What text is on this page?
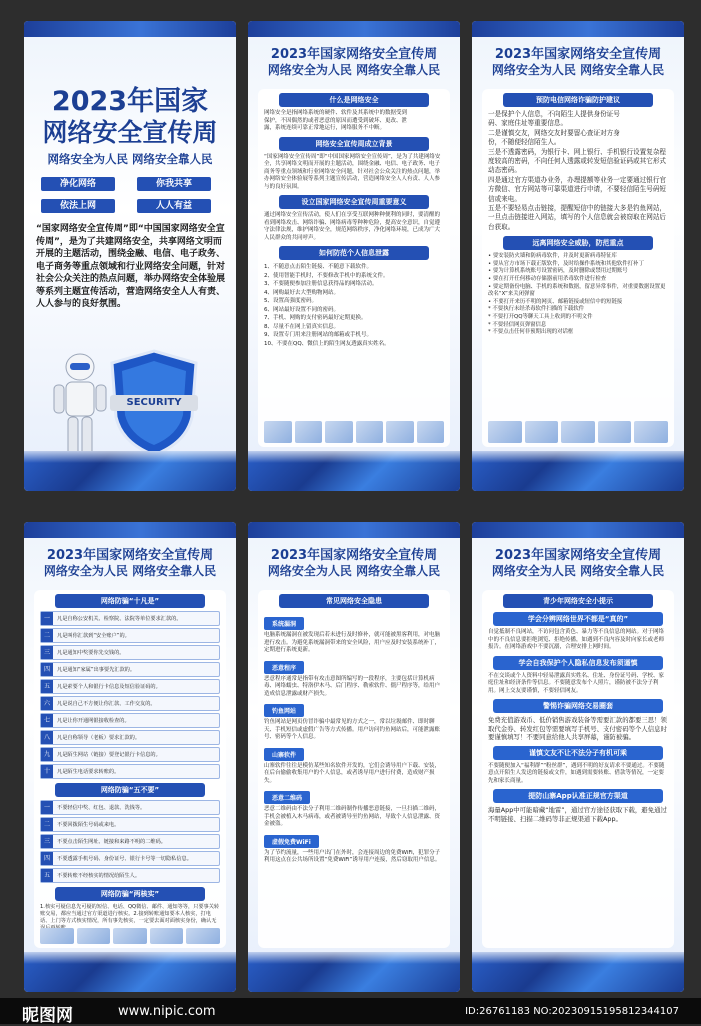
2023年国家
网络安全宣传周
网络安全为人民 网络安全靠人民
净化网络	你我共享
依法上网	人人有益
“国家网络安全宣传周”即“中国国家网络安全宣传周”，是为了共建网络安全，共享网络文明而开展的主题活动，围绕金融、电信、电子政务、电子商务等重点领域和行业网络安全问题，针对社会公众关注的热点问题，举办网络安全体验展等系列主题宣传活动，营造网络安全人人有责、人人参与的良好氛围。
SECURITY
2023年国家网络安全宣传周
网络安全为人民 网络安全靠人民
什么是网络安全
网络安全是指网络系统的硬件、软件及其系统中的数据受到保护，不因偶然的或者恶意的原因而遭受到破坏、更改、泄露，系统连续可靠正常地运行，网络服务不中断。
网络安全宣传周成立背景
“国家网络安全宣传周”即“中国国家网络安全宣传周”，是为了共建网络安全，共享网络文明而开展的主题活动，围绕金融、电信、电子政务、电子商务等重点领域和行业网络安全问题，针对社会公众关注的热点问题，举办网络安全体验展等系列主题宣传活动，营造网络安全人人有责、人人参与的良好氛围。
设立国家网络安全宣传周重要意义
通过网络安全宣传活动，使人们在享受互联网种种便利的同时，要清醒的看到网络攻击、网络诈骗、网络病毒等种种危险，提高安全意识，自觉遵守法律法规，维护网络安全，规范网络秩序，净化网络环境，已成为广大人民群众的共同呼声。
如何防范个人信息泄露
1、不随意点击陌生链接、不随意下载软件。
2、使用智能手机时，不要修改手机中的系统文件。
3、不要随便参加注册信息获得品的网络活动。
4、网购最好去大型购物网站。
5、设置高强度密码。
6、网站最好设置不同的密码。
7、手机、网购的支付密码最好定期更换。
8、尽量不在网上留真实信息。
9、设置专门用来注册网站的邮箱或手机号。
10、不要在QQ、微信上的陌生网友透露真实姓名。
2023年国家网络安全宣传周
网络安全为人民 网络安全靠人民
预防电信网络诈骗防护建议
一是保护个人信息，不向陌生人提供身份证号码、家庭住址等重要信息。
二是谨慎交友，网络交友时要留心查证对方身份，不随便轻信陌生人。
三是不透露密码，为银行卡、网上银行、手机银行设置复杂程度较高的密码，不向任何人透露或转发短信验证码或其它形式动态密码。
四是通过官方渠道办业务，办理提额等业务一定要通过银行官方微信、官方网站等可靠渠道进行申请，不要轻信陌生号码短信或来电。
五是不要轻易点击链接，提醒短信中的链接大多是钓鱼网站，一旦点击链接进入网站，填写的个人信息就会被窃取在网站后台获取。
远离网络安全威胁，防范重点
• 要安装防火墙和防病毒软件，并及时更新病毒特征库
• 要从官方市场下载正版软件，及时给操作系统和其他软件打补丁
• 要为计算机系统账号设置密码，及时删除或禁用过期账号
• 要在打开任何移动存储器前用杀毒软件进行检查
• 要定期备份电脑、手机的系统和数据，留意异常事件，对重要数据设置更改名“X”来关闭弹窗
• 不要打开来历不明的网页、邮箱链接或短信中的短链接
* 不要执行未经杀毒软件扫描的下载软件
* 不要打开QQ等聊天工具上收到的不明文件
* 不要轻信网页弹窗信息
* 不要点击任何非预期出现的对话框
2023年国家网络安全宣传周
网络安全为人民 网络安全靠人民
网络防骗“十凡是”
一	凡是自称公安机关、检察院、法院等单位要求汇款的。
二	凡是叫你汇款到“安全账户”的。
三	凡是通知中奖要你先交钱的。
四	凡是通知“家属”出事要先汇款的。
五	凡是索要个人和银行卡信息及短信验证码的。
六	凡是说自己不方便让你汇款、工作交友的。
七	凡是让你开通网银接收检查的。
八	凡是自称领导（老板）要求汇款的。
九	凡是陌生网站（链接）要登记银行卡信息的。
十	凡是陌生电话要求转账的。
网络防骗“五不要”
一	不要轻信中奖、红包、退款、洗钱等。
二	不要回拨陌生号码或来电。
三	不要点击陌生网址、链接和来路不明的二维码。
四	不要透露手机号码、身份证号、银行卡号等一切隐私信息。
五	不要转账不经核实的情况给陌生人。
网络防骗“两核实”
1.核实可疑信息先可疑的短信、电话、QQ微信、邮件、通知等等，只要事关转账交易，都应当通过官方渠道进行核实。2.接到转账通知要本人核实，打电话、上门等方式核实情况，所有事先核实，一定要去面对面核实身份，确认无
2023年国家网络安全宣传周
网络安全为人民 网络安全靠人民
常见网络安全隐患
系统漏洞
电脑系统漏洞在被发现后若未进行及时修补，就可能被黑客利用，对电脑进行攻击。为避免系统漏洞带来的安全风险，用户应及时安装系统补丁，定期进行系统更新。
恶意程序
恶意程序通常是指带有攻击意图所编写的一段程序，主要包括计算机病毒、网络蠕虫、特洛伊木马、后门程序、勒索软件、僵尸程序等，给用户造成信息泄露或财产损失。
钓鱼网站
钓鱼网站是网页仿冒诈骗中最常见的方式之一，常以垃圾邮件、即时聊天、手机短信或虚假广告等方式传播。用户访问钓鱼网站后，可能泄露账号、密码等个人信息。
山寨软件
山寨软件往往是模仿某些知名软件开发的，它们会诱导用户下载、安装，在后台偷偷收集用户的个人信息，或者诱导用户进行付费，造成财产损失。
恶意二维码
恶意二维码由不法分子利用二维码制作传播恶意链接，一旦扫描二维码，手机会被植入木马病毒，或者被诱导至钓鱼网站，导致个人信息泄露、资金被盗。
虚假免费WiFi
为了节约流量，一些用户出门在外时，会连接周边的免费WiFi，犯罪分子利用这点在公共场所设置“免费WiFi”诱导用户连接，然后窃取用户信息。
2023年国家网络安全宣传周
网络安全为人民 网络安全靠人民
青少年网络安全小提示
学会分辨网络世界不都是“真的”
自觉抵制不良网站，不访问包含黄色、暴力等不良信息的网站。对于网络中的不良信息要拒绝浏览、拒绝传播，如遇到不良内容及时向家长或老师报告。在网络游戏中不要沉溺，合理安排上网时间。
学会自我保护个人隐私信息发布须谨慎
不在交谈或个人资料中轻易泄露真实姓名、住址、身份证号码、学校、家庭住址和经济条件等信息。不要随意发布个人照片，谨防被不法分子利用。网上交友要谨慎，不要轻信网友。
警惕诈骗网络交易圈套
免费充值游戏币、低价销售游戏装备等需要汇款的都要三思！领取代金券、转发红包等需要填写手机号、支付密码等个人信息时要谨慎填写！不要同意给他人共享屏幕，谨防被骗。
谨慎文友不让不法分子有机可乘
不要随便加入“福利群”“粉丝群”，遇到不明的好友请求不要通过。不要随意点开陌生人发送的链接或文件，如遇到需要转账、借款等情况，一定要先和家长商量。
提防山寨App认准正规官方渠道
海量App中可能暗藏“地雷”，通过官方途径获取下载，避免通过不明链接、扫描二维码等非正规渠道下载App。
昵图网	www.nipic.com	ID:26761183 NO:20230915195812344107
